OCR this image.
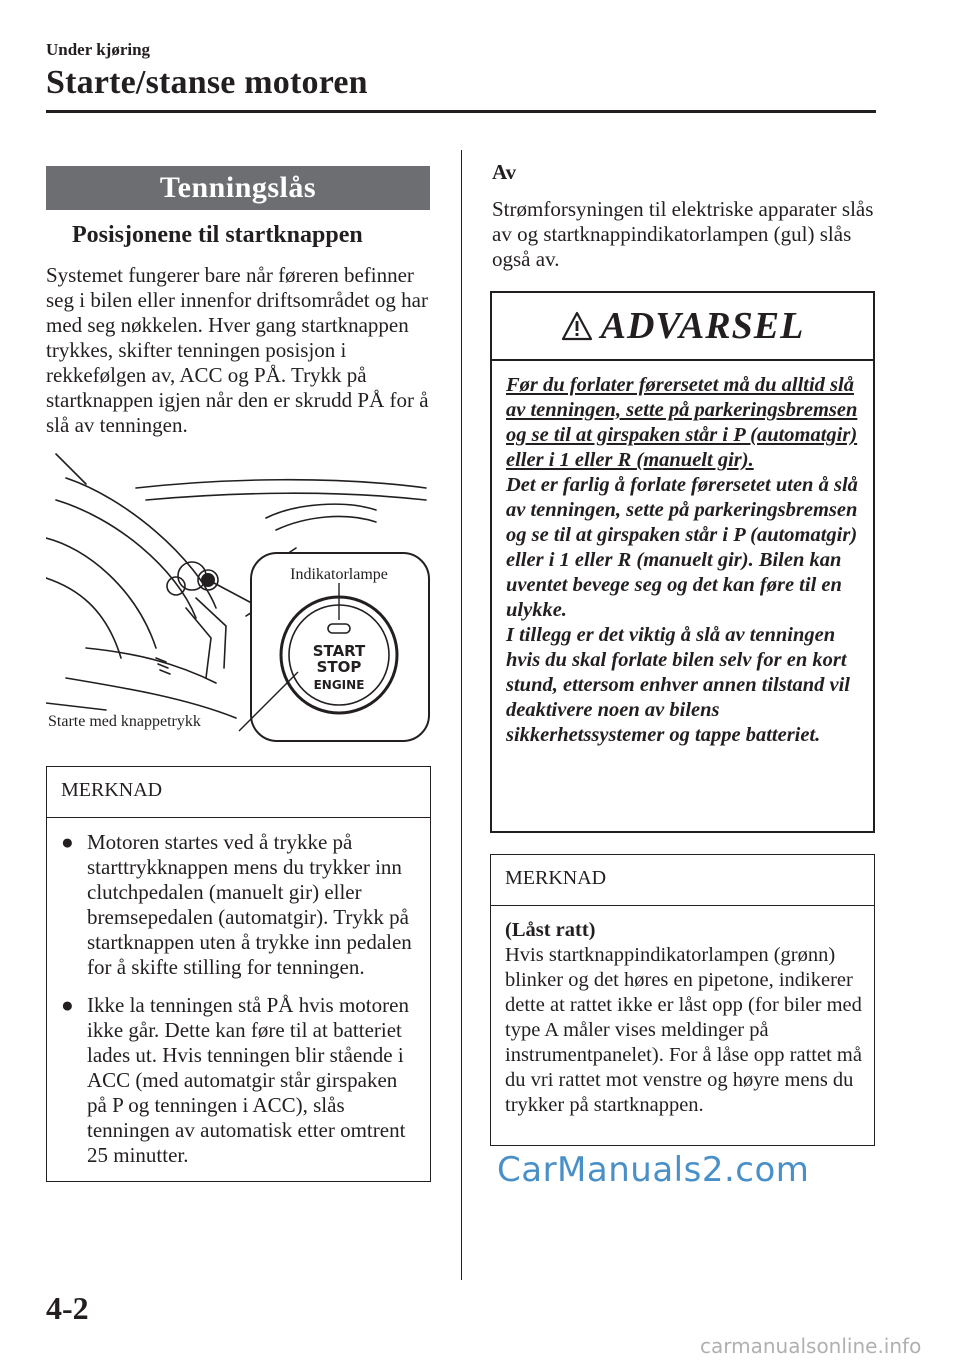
Under kjøring
Starte/stanse motoren
Tenningslås
Posisjonene til startknappen
Systemet fungerer bare når føreren befinner seg i bilen eller innenfor driftsområdet og har med seg nøkkelen. Hver gang startknappen trykkes, skifter tenningen posisjon i rekkefølgen av, ACC og PÅ. Trykk på startknappen igjen når den er skrudd PÅ for å slå av tenningen.
START
STOP
ENGINE
Indikatorlampe
Starte med knappetrykk
MERKNAD
● Motoren startes ved å trykke på starttrykknappen mens du trykker inn clutchpedalen (manuelt gir) eller bremsepedalen (automatgir). Trykk på startknappen uten å trykke inn pedalen for å skifte stilling for tenningen.
● Ikke la tenningen stå PÅ hvis motoren ikke går. Dette kan føre til at batteriet lades ut. Hvis tenningen blir stående i ACC (med automatgir står girspaken på P og tenningen i ACC), slås tenningen av automatisk etter omtrent 25 minutter.
Av
Strømforsyningen til elektriske apparater slås av og startknappindikatorlampen (gul) slås også av.
ADVARSEL
Før du forlater førersetet må du alltid slå av tenningen, sette på parkeringsbremsen og se til at girspaken står i P (automatgir) eller i 1 eller R (manuelt gir).
Det er farlig å forlate førersetet uten å slå av tenningen, sette på parkeringsbremsen og se til at girspaken står i P (automatgir) eller i 1 eller R (manuelt gir). Bilen kan uventet bevege seg og det kan føre til en ulykke.
I tillegg er det viktig å slå av tenningen hvis du skal forlate bilen selv for en kort stund, ettersom enhver annen tilstand vil deaktivere noen av bilens sikkerhetssystemer og tappe batteriet.
MERKNAD
(Låst ratt)
Hvis startknappindikatorlampen (grønn) blinker og det høres en pipetone, indikerer dette at rattet ikke er låst opp (for biler med type A måler vises meldinger på instrumentpanelet). For å låse opp rattet må du vri rattet mot venstre og høyre mens du trykker på startknappen.
CarManuals2.com
4-2
carmanualsonline.info
